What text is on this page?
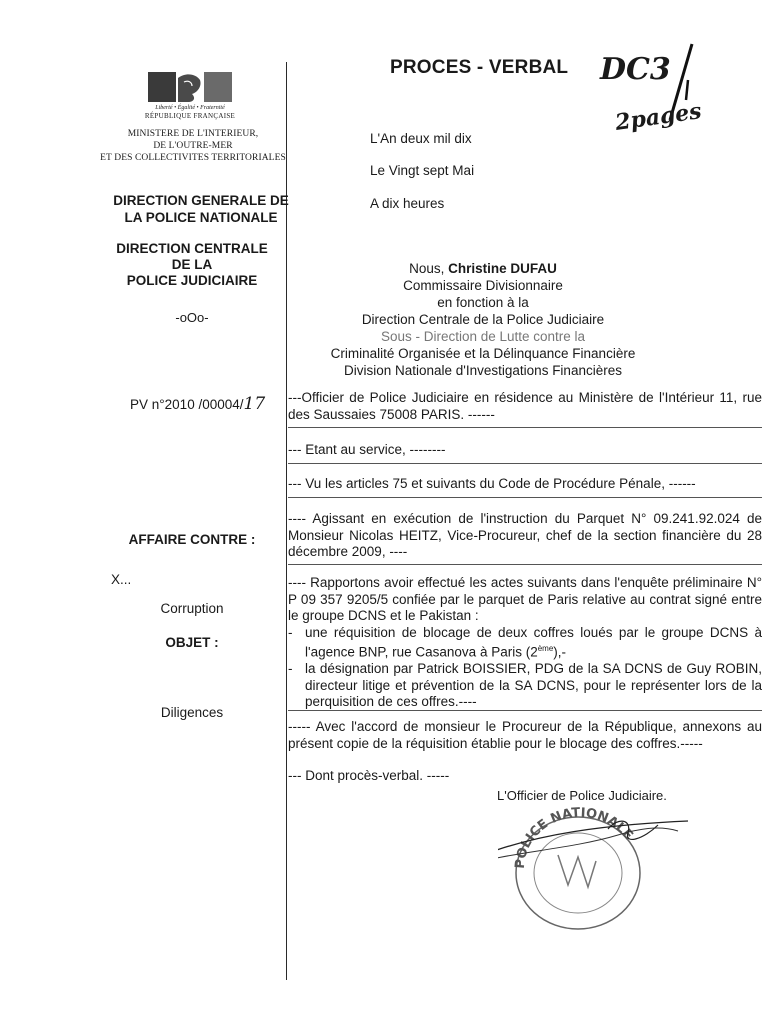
Liberté • Égalité • Fraternité
RÉPUBLIQUE FRANÇAISE
MINISTERE DE L'INTERIEUR,
DE L'OUTRE-MER
ET DES COLLECTIVITES TERRITORIALES
DIRECTION GENERALE DE
LA POLICE NATIONALE
DIRECTION CENTRALE
DE LA
POLICE JUDICIAIRE
-oOo-
PV n°2010 /00004/17
AFFAIRE CONTRE :
X...
Corruption
OBJET :
Diligences
PROCES - VERBAL DC3
2pages
L'An deux mil dix
Le Vingt sept Mai
A dix heures
Nous, Christine DUFAU
Commissaire Divisionnaire
en fonction à la
Direction Centrale de la Police Judiciaire
Sous - Direction de Lutte contre la
Criminalité Organisée et la Délinquance Financière
Division Nationale d'Investigations Financières
---Officier de Police Judiciaire en résidence au Ministère de l'Intérieur 11, rue des Saussaies 75008 PARIS. ------
--- Etant au service, --------
--- Vu les articles 75 et suivants du Code de Procédure Pénale, ------
---- Agissant en exécution de l'instruction du Parquet N° 09.241.92.024 de Monsieur Nicolas HEITZ, Vice-Procureur, chef de la section financière du 28 décembre 2009, ----
---- Rapportons avoir effectué les actes suivants dans l'enquête préliminaire N° P 09 357 9205/5 confiée par le parquet de Paris relative au contrat signé entre le groupe DCNS et le Pakistan :
- une réquisition de blocage de deux coffres loués par le groupe DCNS à l'agence BNP, rue Casanova à Paris (2ème),-
- la désignation par Patrick BOISSIER, PDG de la SA DCNS de Guy ROBIN, directeur litige et prévention de la SA DCNS, pour le représenter lors de la perquisition de ces offres.----
----- Avec l'accord de monsieur le Procureur de la République, annexons au présent copie de la réquisition établie pour le blocage des coffres.-----
--- Dont procès-verbal. -----
POLICE NATIONALE
L'Officier de Police Judiciaire.
